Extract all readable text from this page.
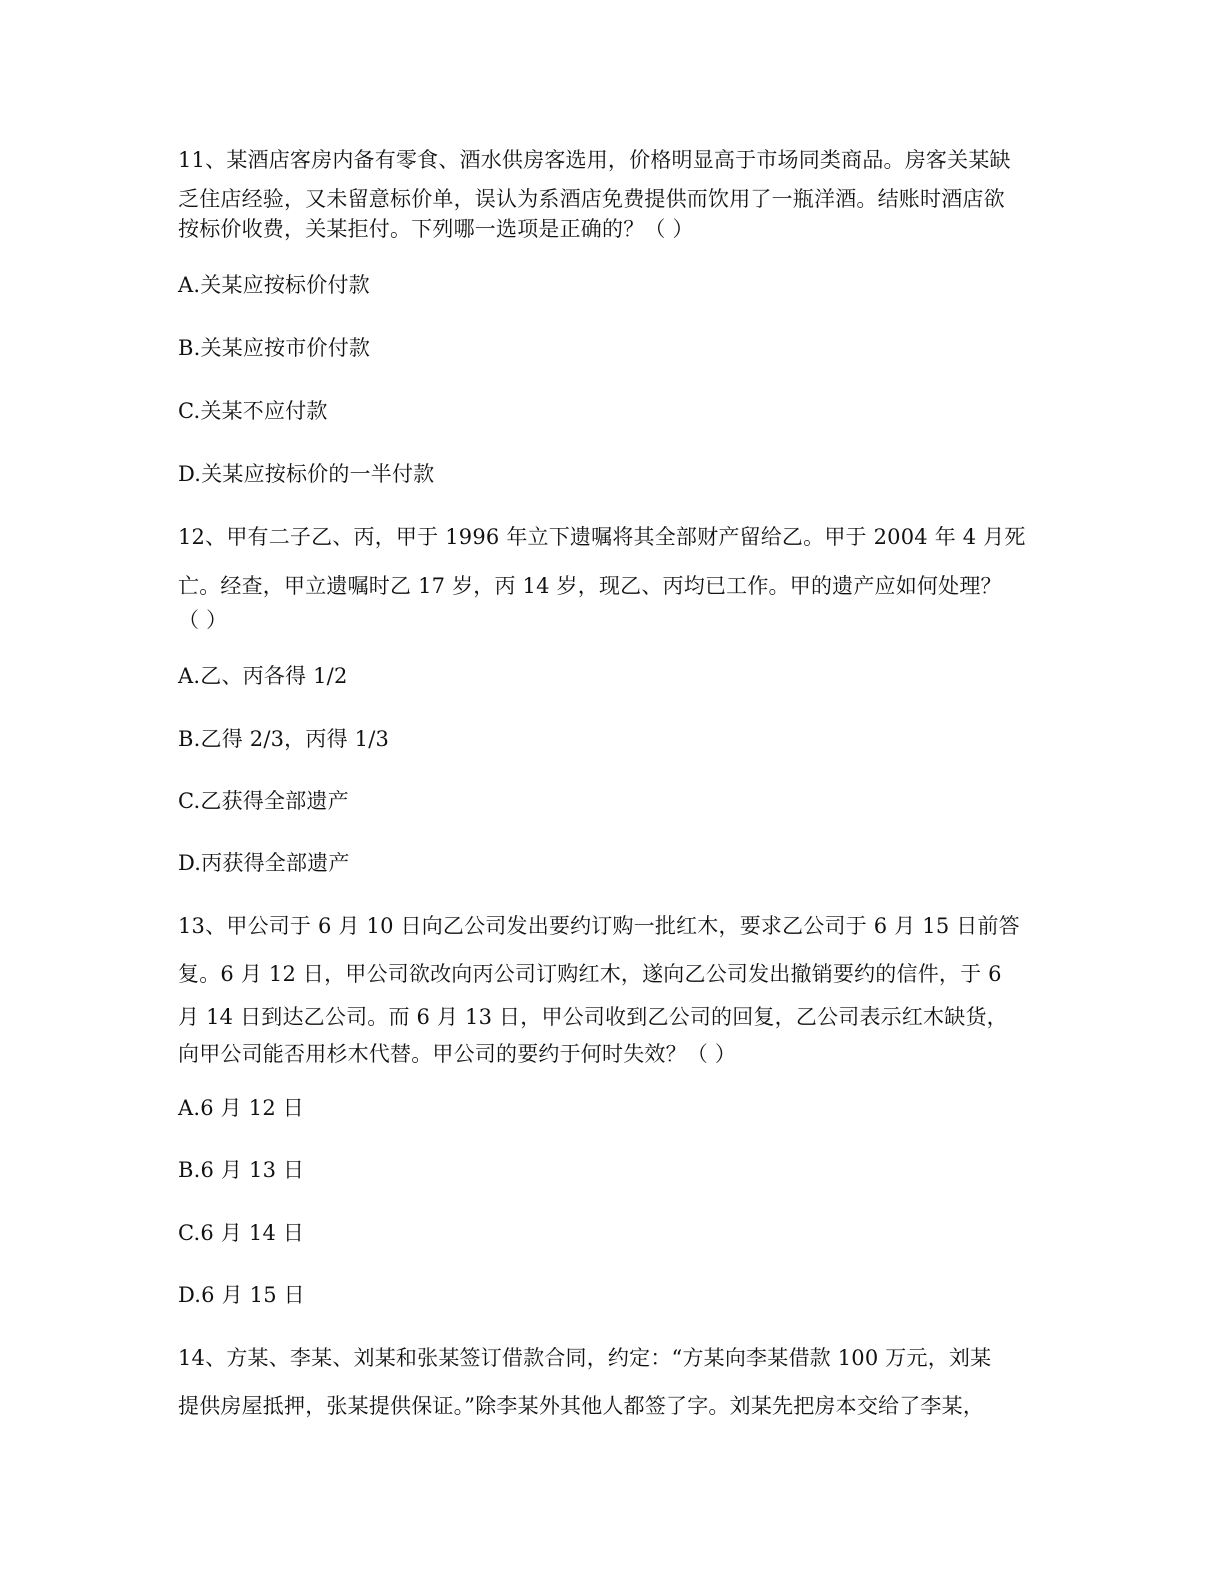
11、某酒店客房内备有零食、酒水供房客选用，价格明显高于市场同类商品。房客关某缺
乏住店经验，又未留意标价单，误认为系酒店免费提供而饮用了一瓶洋酒。结账时酒店欲
按标价收费，关某拒付。下列哪一选项是正确的？（ ）
A.关某应按标价付款
B.关某应按市价付款
C.关某不应付款
D.关某应按标价的一半付款
12、甲有二子乙、丙，甲于 1996 年立下遗嘱将其全部财产留给乙。甲于 2004 年 4 月死
亡。经查，甲立遗嘱时乙 17 岁，丙 14 岁，现乙、丙均已工作。甲的遗产应如何处理？
（ ）
A.乙、丙各得 1/2
B.乙得 2/3，丙得 1/3
C.乙获得全部遗产
D.丙获得全部遗产
13、甲公司于 6 月 10 日向乙公司发出要约订购一批红木，要求乙公司于 6 月 15 日前答
复。6 月 12 日，甲公司欲改向丙公司订购红木，遂向乙公司发出撤销要约的信件，于 6
月 14 日到达乙公司。而 6 月 13 日，甲公司收到乙公司的回复，乙公司表示红木缺货，
向甲公司能否用杉木代替。甲公司的要约于何时失效？（ ）
A.6 月 12 日
B.6 月 13 日
C.6 月 14 日
D.6 月 15 日
14、方某、李某、刘某和张某签订借款合同，约定：“方某向李某借款 100 万元，刘某
提供房屋抵押，张某提供保证。”除李某外其他人都签了字。刘某先把房本交给了李某，
